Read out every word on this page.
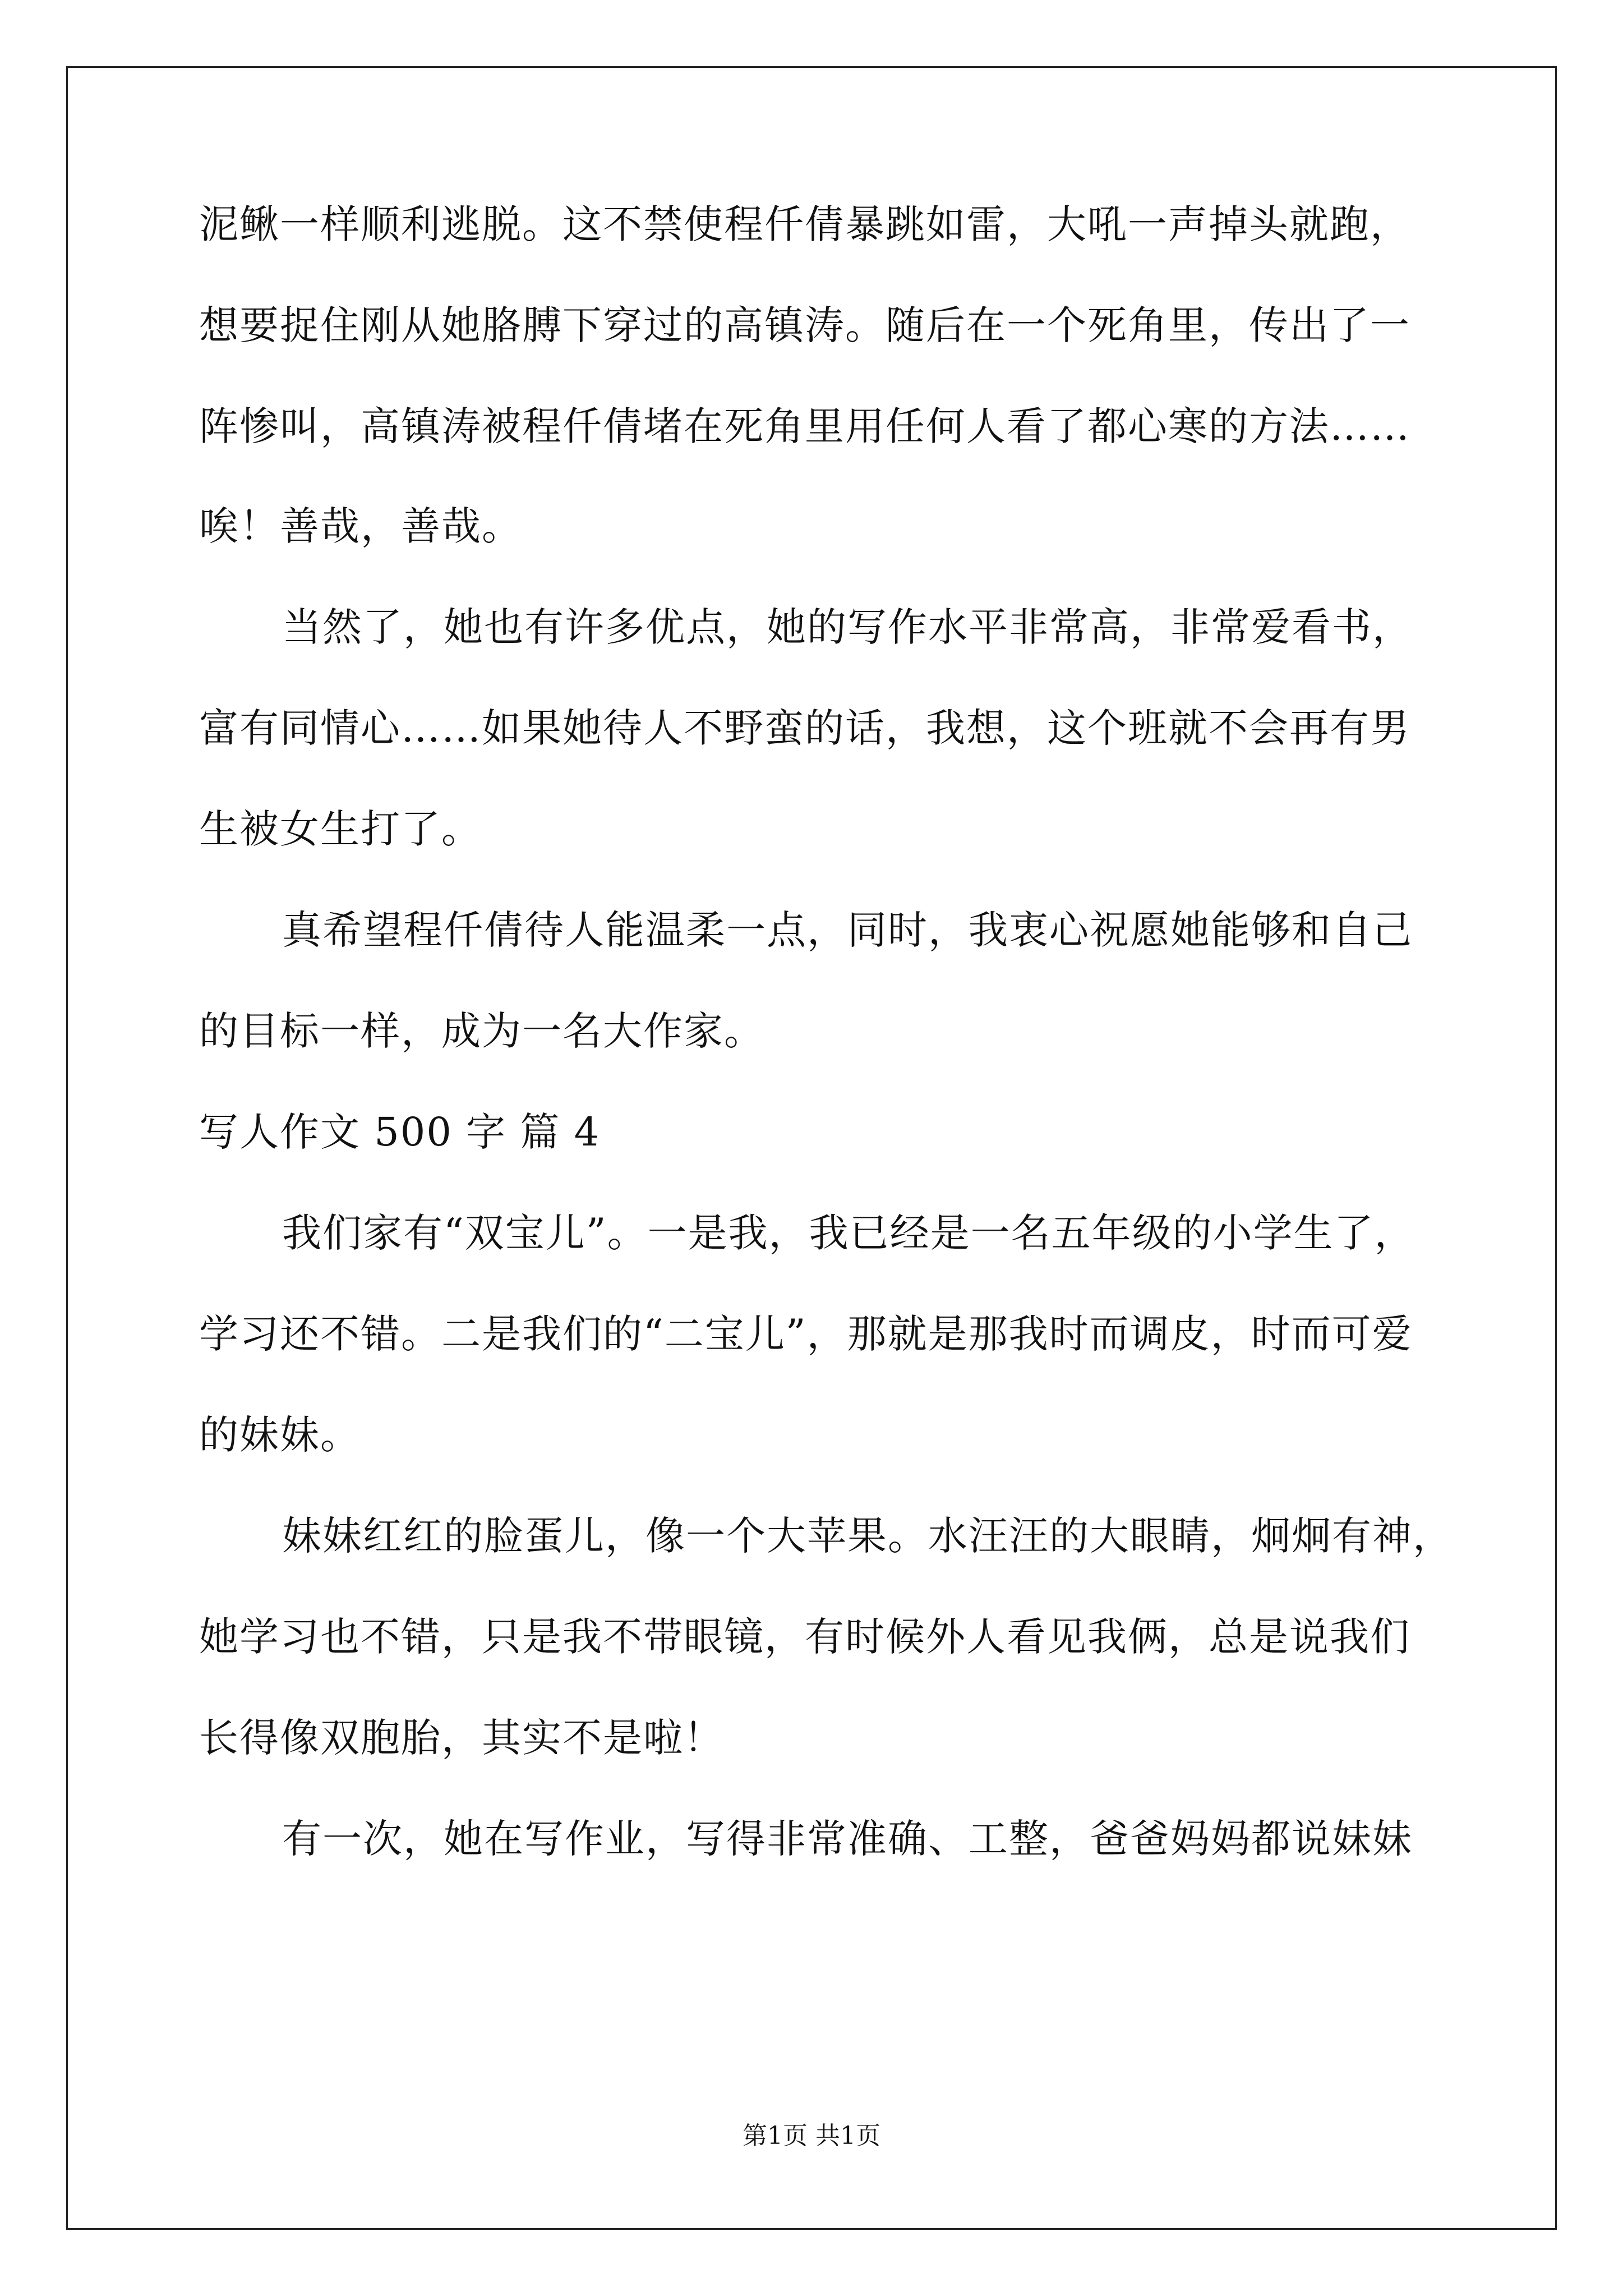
泥鳅一样顺利逃脱。这不禁使程仟倩暴跳如雷，大吼一声掉头就跑，
想要捉住刚从她胳膊下穿过的高镇涛。随后在一个死角里，传出了一
阵惨叫，高镇涛被程仟倩堵在死角里用任何人看了都心寒的方法……
唉！善哉，善哉。
当然了，她也有许多优点，她的写作水平非常高，非常爱看书，
富有同情心……如果她待人不野蛮的话，我想，这个班就不会再有男
生被女生打了。
真希望程仟倩待人能温柔一点，同时，我衷心祝愿她能够和自己
的目标一样，成为一名大作家。
写人作文 500 字 篇 4
我们家有“双宝儿”。一是我，我已经是一名五年级的小学生了，
学习还不错。二是我们的“二宝儿”，那就是那我时而调皮，时而可爱
的妹妹。
妹妹红红的脸蛋儿，像一个大苹果。水汪汪的大眼睛，炯炯有神，
她学习也不错，只是我不带眼镜，有时候外人看见我俩，总是说我们
长得像双胞胎，其实不是啦！
有一次，她在写作业，写得非常准确、工整，爸爸妈妈都说妹妹
第1页 共1页
